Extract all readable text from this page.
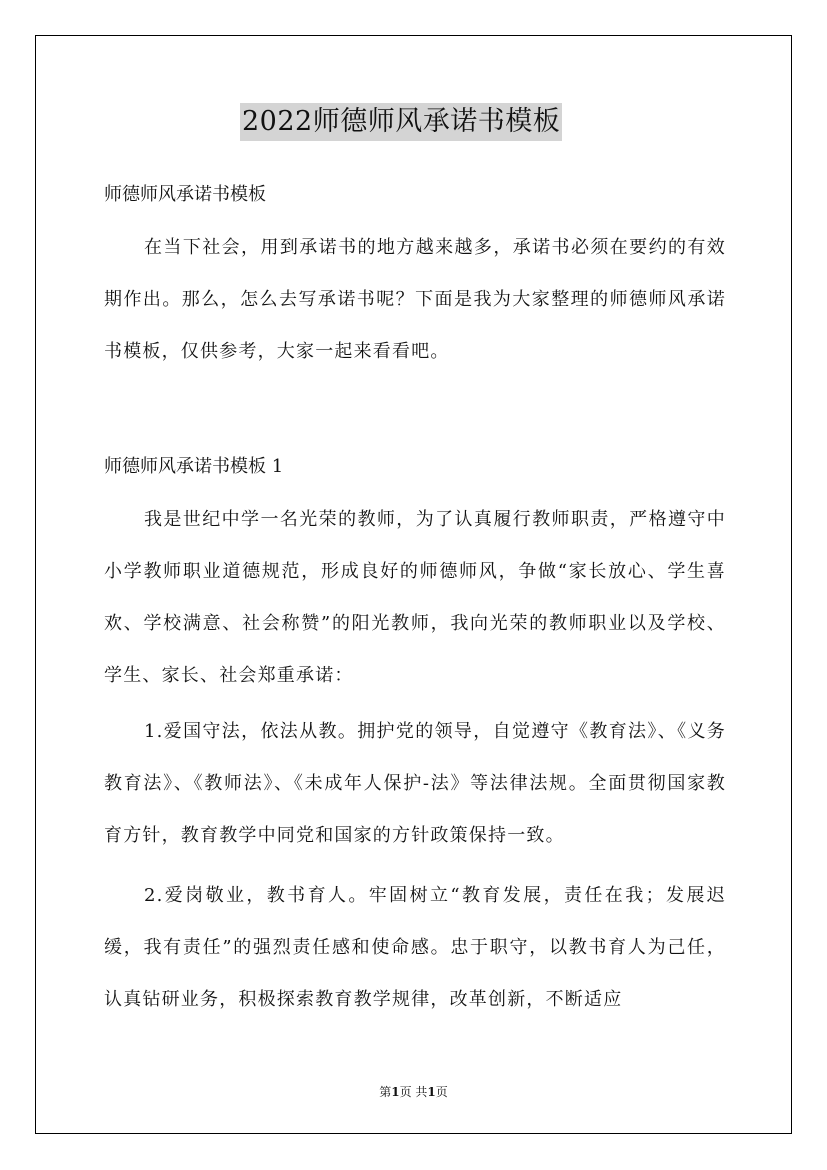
2022师德师风承诺书模板
师德师风承诺书模板
在当下社会，用到承诺书的地方越来越多，承诺书必须在要约的有效期作出。那么，怎么去写承诺书呢？下面是我为大家整理的师德师风承诺书模板，仅供参考，大家一起来看看吧。
师德师风承诺书模板 1
我是世纪中学一名光荣的教师，为了认真履行教师职责，严格遵守中小学教师职业道德规范，形成良好的师德师风，争做“家长放心、学生喜欢、学校满意、社会称赞”的阳光教师，我向光荣的教师职业以及学校、学生、家长、社会郑重承诺：
1.爱国守法，依法从教。拥护党的领导，自觉遵守《教育法》、《义务教育法》、《教师法》、《未成年人保护-法》等法律法规。全面贯彻国家教育方针，教育教学中同党和国家的方针政策保持一致。
2.爱岗敬业，教书育人。牢固树立“教育发展，责任在我；发展迟缓，我有责任”的强烈责任感和使命感。忠于职守，以教书育人为己任，认真钻研业务，积极探索教育教学规律，改革创新，不断适应
第1页 共1页
